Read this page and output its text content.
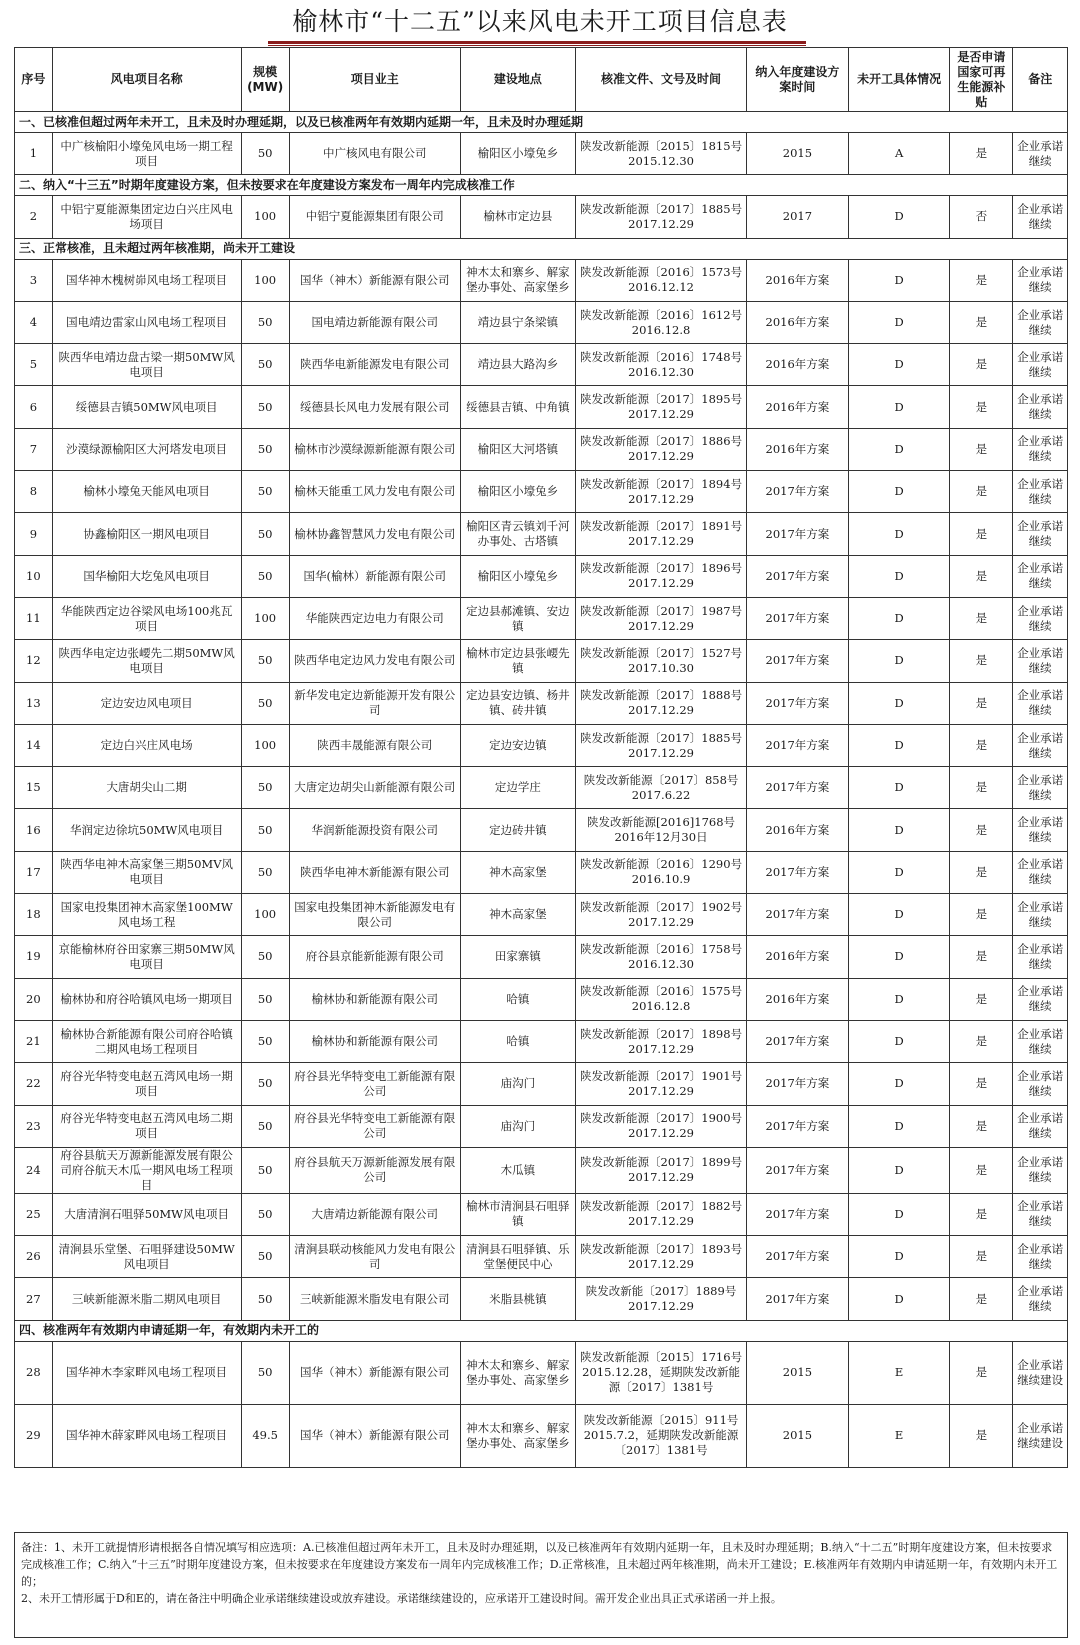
榆林市“十二五”以来风电未开工项目信息表
序号	风电项目名称	规模(MW)	项目业主	建设地点	核准文件、文号及时间	纳入年度建设方案时间	未开工具体情况	是否申请国家可再生能源补贴	备注
一、已核准但超过两年未开工，且未及时办理延期，以及已核准两年有效期内延期一年，且未及时办理延期									
1	中广核榆阳小壕兔风电场一期工程项目	50	中广核风电有限公司	榆阳区小壕兔乡	陕发改新能源〔2015〕1815号2015.12.30	2015	A	是	企业承诺继续
二、纳入“十三五”时期年度建设方案，但未按要求在年度建设方案发布一周年内完成核准工作									
2	中铝宁夏能源集团定边白兴庄风电场项目	100	中铝宁夏能源集团有限公司	榆林市定边县	陕发改新能源〔2017〕1885号2017.12.29	2017	D	否	企业承诺继续
三、正常核准，且未超过两年核准期，尚未开工建设									
3	国华神木槐树峁风电场工程项目	100	国华（神木）新能源有限公司	神木太和寨乡、解家堡办事处、高家堡乡	陕发改新能源〔2016〕1573号2016.12.12	2016年方案	D	是	企业承诺继续
4	国电靖边雷家山风电场工程项目	50	国电靖边新能源有限公司	靖边县宁条梁镇	陕发改新能源〔2016〕1612号2016.12.8	2016年方案	D	是	企业承诺继续
5	陕西华电靖边盘古梁一期50MW风电项目	50	陕西华电新能源发电有限公司	靖边县大路沟乡	陕发改新能源〔2016〕1748号2016.12.30	2016年方案	D	是	企业承诺继续
6	绥德县吉镇50MW风电项目	50	绥德县长风电力发展有限公司	绥德县吉镇、中角镇	陕发改新能源〔2017〕1895号2017.12.29	2016年方案	D	是	企业承诺继续
7	沙漠绿源榆阳区大河塔发电项目	50	榆林市沙漠绿源新能源有限公司	榆阳区大河塔镇	陕发改新能源〔2017〕1886号2017.12.29	2016年方案	D	是	企业承诺继续
8	榆林小壕兔天能风电项目	50	榆林天能重工风力发电有限公司	榆阳区小壕兔乡	陕发改新能源〔2017〕1894号2017.12.29	2017年方案	D	是	企业承诺继续
9	协鑫榆阳区一期风电项目	50	榆林协鑫智慧风力发电有限公司	榆阳区青云镇刘千河办事处、古塔镇	陕发改新能源〔2017〕1891号2017.12.29	2017年方案	D	是	企业承诺继续
10	国华榆阳大圪兔风电项目	50	国华(榆林）新能源有限公司	榆阳区小壕兔乡	陕发改新能源〔2017〕1896号2017.12.29	2017年方案	D	是	企业承诺继续
11	华能陕西定边谷梁风电场100兆瓦项目	100	华能陕西定边电力有限公司	定边县郝滩镇、安边镇	陕发改新能源〔2017〕1987号 2017.12.29	2017年方案	D	是	企业承诺继续
12	陕西华电定边张崾先二期50MW风电项目	50	陕西华电定边风力发电有限公司	榆林市定边县张崾先镇	陕发改新能源〔2017〕1527号 2017.10.30	2017年方案	D	是	企业承诺继续
13	定边安边风电项目	50	新华发电定边新能源开发有限公司	定边县安边镇、杨井镇、砖井镇	陕发改新能源〔2017〕1888号2017.12.29	2017年方案	D	是	企业承诺继续
14	定边白兴庄风电场	100	陕西丰晟能源有限公司	定边安边镇	陕发改新能源〔2017〕1885号2017.12.29	2017年方案	D	是	企业承诺继续
15	大唐胡尖山二期	50	大唐定边胡尖山新能源有限公司	定边学庄	陕发改新能源〔2017〕858号 2017.6.22	2017年方案	D	是	企业承诺继续
16	华润定边徐坑50MW风电项目	50	华润新能源投资有限公司	定边砖井镇	陕发改新能源[2016]1768号 2016年12月30日	2016年方案	D	是	企业承诺继续
17	陕西华电神木高家堡三期50MV风电项目	50	陕西华电神木新能源有限公司	神木高家堡	陕发改新能源〔2016〕1290号2016.10.9	2017年方案	D	是	企业承诺继续
18	国家电投集团神木高家堡100MW风电场工程	100	国家电投集团神木新能源发电有限公司	神木高家堡	陕发改新能源〔2017〕1902号2017.12.29	2017年方案	D	是	企业承诺继续
19	京能榆林府谷田家寨三期50MW风电项目	50	府谷县京能新能源有限公司	田家寨镇	陕发改新能源〔2016〕1758号2016.12.30	2016年方案	D	是	企业承诺继续
20	榆林协和府谷哈镇风电场一期项目	50	榆林协和新能源有限公司	哈镇	陕发改新能源〔2016〕1575号2016.12.8	2016年方案	D	是	企业承诺继续
21	榆林协合新能源有限公司府谷哈镇二期风电场工程项目	50	榆林协和新能源有限公司	哈镇	陕发改新能源〔2017〕1898号2017.12.29	2017年方案	D	是	企业承诺继续
22	府谷光华特变电赵五湾风电场一期项目	50	府谷县光华特变电工新能源有限公司	庙沟门	陕发改新能源〔2017〕1901号2017.12.29	2017年方案	D	是	企业承诺继续
23	府谷光华特变电赵五湾风电场二期项目	50	府谷县光华特变电工新能源有限公司	庙沟门	陕发改新能源〔2017〕1900号2017.12.29	2017年方案	D	是	企业承诺继续
24	府谷县航天万源新能源发展有限公司府谷航天木瓜一期风电场工程项目	50	府谷县航天万源新能源发展有限公司	木瓜镇	陕发改新能源〔2017〕1899号2017.12.29	2017年方案	D	是	企业承诺继续
25	大唐清涧石咀驿50MW风电项目	50	大唐靖边新能源有限公司	榆林市清涧县石咀驿镇	陕发改新能源〔2017〕1882号2017.12.29	2017年方案	D	是	企业承诺继续
26	清涧县乐堂堡、石咀驿建设50MW风电项目	50	清涧县联动核能风力发电有限公司	清涧县石咀驿镇、乐堂堡便民中心	陕发改新能源〔2017〕1893号2017.12.29	2017年方案	D	是	企业承诺继续
27	三峡新能源米脂二期风电项目	50	三峡新能源米脂发电有限公司	米脂县桃镇	陕发改新能〔2017〕1889号 2017.12.29	2017年方案	D	是	企业承诺继续
四、核准两年有效期内申请延期一年，有效期内未开工的									
28	国华神木李家畔风电场工程项目	50	国华（神木）新能源有限公司	神木太和寨乡、解家堡办事处、高家堡乡	陕发改新能源〔2015〕1716号2015.12.28，延期陕发改新能源〔2017〕1381号	2015	E	是	企业承诺继续建设
29	国华神木薛家畔风电场工程项目	49.5	国华（神木）新能源有限公司	神木太和寨乡、解家堡办事处、高家堡乡	陕发改新能源〔2015〕911号2015.7.2，延期陕发改新能源〔2017〕1381号	2015	E	是	企业承诺继续建设
备注：1、未开工就提情形请根据各自情况填写相应选项：A.已核准但超过两年未开工，且未及时办理延期，以及已核准两年有效期内延期一年，且未及时办理延期；B.纳入“十二五”时期年度建设方案，但未按要求完成核准工作；C.纳入“十三五”时期年度建设方案，但未按要求在年度建设方案发布一周年内完成核准工作；D.正常核准，且未超过两年核准期，尚未开工建设；E.核准两年有效期内申请延期一年，有效期内未开工的；
2、未开工情形属于D和E的，请在备注中明确企业承诺继续建设或放弃建设。承诺继续建设的，应承诺开工建设时间。需开发企业出具正式承诺函一并上报。
